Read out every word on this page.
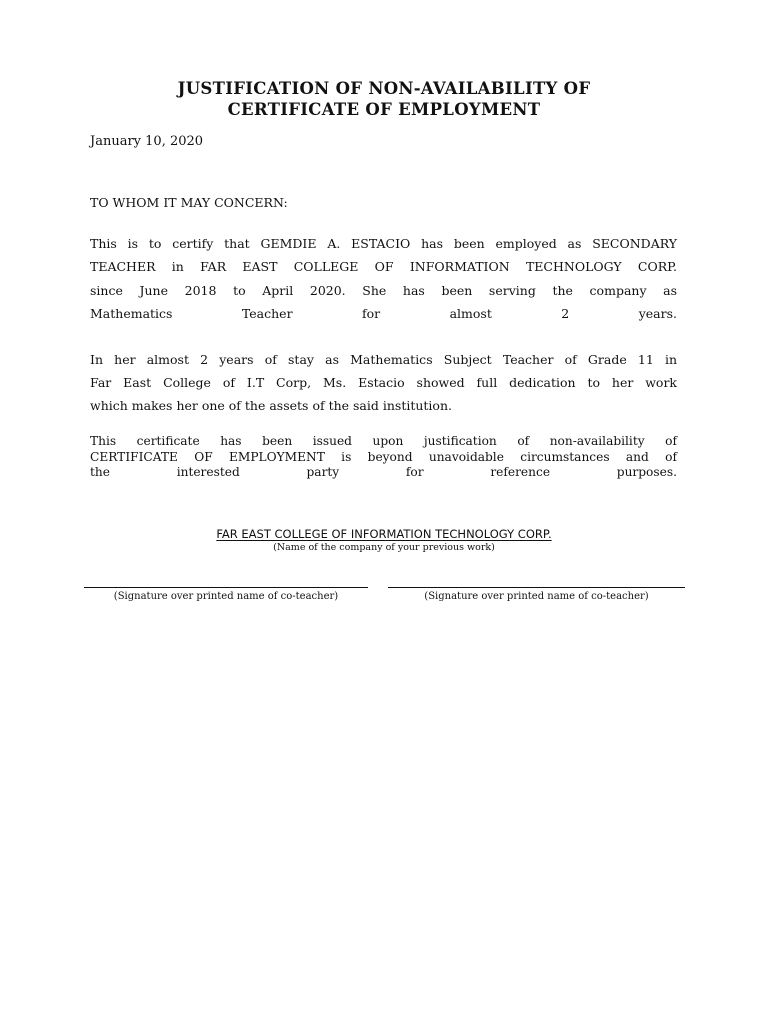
JUSTIFICATION OF NON-AVAILABILITY OF
CERTIFICATE OF EMPLOYMENT
January 10, 2020
TO WHOM IT MAY CONCERN:
This is to certify that GEMDIE A. ESTACIO has been employed as SECONDARY
TEACHER in FAR EAST COLLEGE OF INFORMATION TECHNOLOGY CORP.
since June 2018 to April 2020. She has been serving the company as
Mathematics Teacher for almost 2 years.
In her almost 2 years of stay as Mathematics Subject Teacher of Grade 11 in
Far East College of I.T Corp, Ms. Estacio showed full dedication to her work
which makes her one of the assets of the said institution.
This certificate has been issued upon justification of non-availability of
CERTIFICATE OF EMPLOYMENT is beyond unavoidable circumstances and of
the interested party for reference purposes.
FAR EAST COLLEGE OF INFORMATION TECHNOLOGY CORP.
(Name of the company of your previous work)
(Signature over printed name of co-teacher)	(Signature over printed name of co-teacher)
